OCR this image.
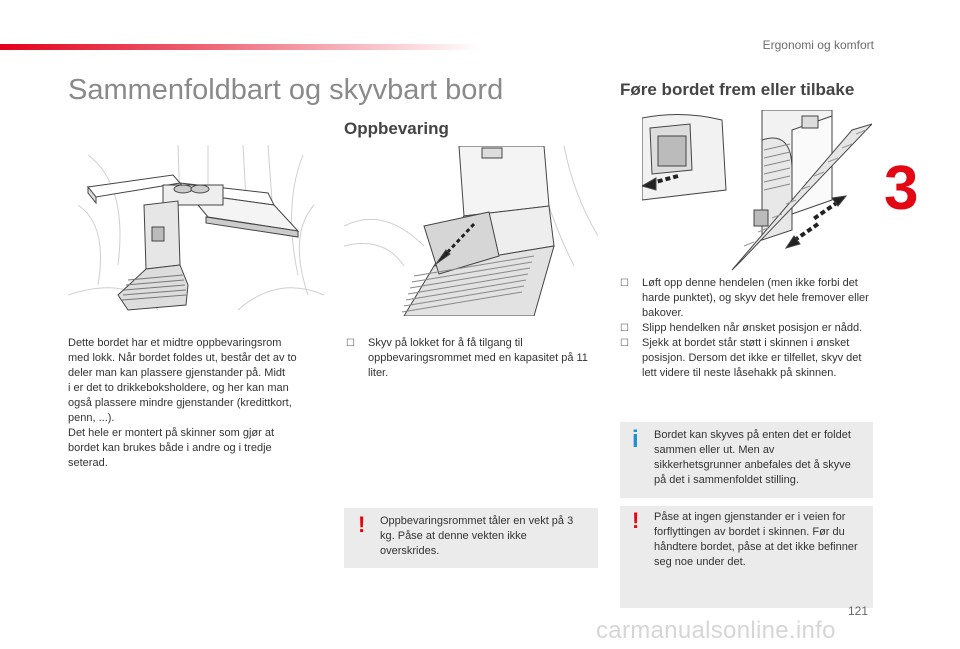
Ergonomi og komfort
3
Sammenfoldbart og skyvbart bord
Dette bordet har et midtre oppbevaringsrom
med lokk. Når bordet foldes ut, består det av to
deler man kan plassere gjenstander på. Midt
i er det to drikkeboksholdere, og her kan man
også plassere mindre gjenstander (kredittkort,
penn, ...).
Det hele er montert på skinner som gjør at
bordet kan brukes både i andre og i tredje
seterad.
Oppbevaring
☐ Skyv på lokket for å få tilgang til oppbevaringsrommet med en kapasitet på 11 liter.
! Oppbevaringsrommet tåler en vekt på 3 kg. Påse at denne vekten ikke overskrides.
Føre bordet frem eller tilbake
☐ Løft opp denne hendelen (men ikke forbi det harde punktet), og skyv det hele fremover eller bakover.
☐ Slipp hendelken når ønsket posisjon er nådd.
☐ Sjekk at bordet står støtt i skinnen i ønsket posisjon. Dersom det ikke er tilfellet, skyv det lett videre til neste låsehakk på skinnen.
i Bordet kan skyves på enten det er foldet sammen eller ut. Men av sikkerhetsgrunner anbefales det å skyve på det i sammenfoldet stilling.
! Påse at ingen gjenstander er i veien for forflyttingen av bordet i skinnen. Før du håndtere bordet, påse at det ikke befinner seg noe under det.
121
carmanualsonline.info
